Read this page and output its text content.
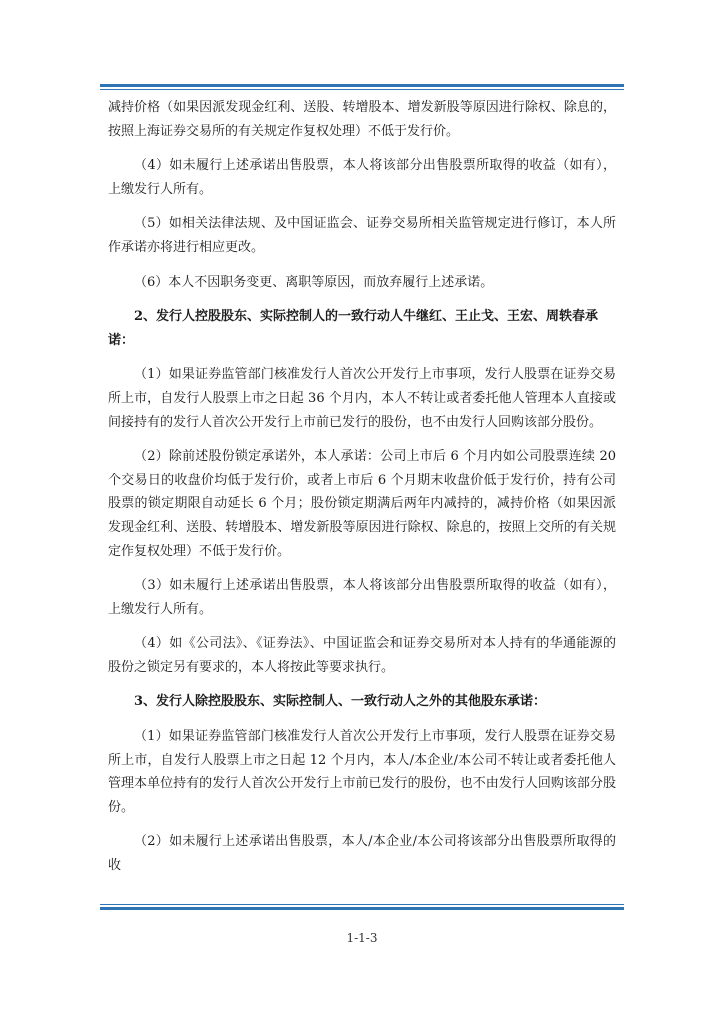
减持价格（如果因派发现金红利、送股、转增股本、增发新股等原因进行除权、除息的，按照上海证券交易所的有关规定作复权处理）不低于发行价。
（4）如未履行上述承诺出售股票，本人将该部分出售股票所取得的收益（如有），上缴发行人所有。
（5）如相关法律法规、及中国证监会、证券交易所相关监管规定进行修订，本人所作承诺亦将进行相应更改。
（6）本人不因职务变更、离职等原因，而放弃履行上述承诺。
2、发行人控股股东、实际控制人的一致行动人牛继红、王止戈、王宏、周轶春承诺：
（1）如果证券监管部门核准发行人首次公开发行上市事项，发行人股票在证券交易所上市，自发行人股票上市之日起 36 个月内，本人不转让或者委托他人管理本人直接或间接持有的发行人首次公开发行上市前已发行的股份，也不由发行人回购该部分股份。
（2）除前述股份锁定承诺外，本人承诺：公司上市后 6 个月内如公司股票连续 20 个交易日的收盘价均低于发行价，或者上市后 6 个月期末收盘价低于发行价，持有公司股票的锁定期限自动延长 6 个月；股份锁定期满后两年内减持的，减持价格（如果因派发现金红利、送股、转增股本、增发新股等原因进行除权、除息的，按照上交所的有关规定作复权处理）不低于发行价。
（3）如未履行上述承诺出售股票，本人将该部分出售股票所取得的收益（如有），上缴发行人所有。
（4）如《公司法》、《证券法》、中国证监会和证券交易所对本人持有的华通能源的股份之锁定另有要求的，本人将按此等要求执行。
3、发行人除控股股东、实际控制人、一致行动人之外的其他股东承诺：
（1）如果证券监管部门核准发行人首次公开发行上市事项，发行人股票在证券交易所上市，自发行人股票上市之日起 12 个月内，本人/本企业/本公司不转让或者委托他人管理本单位持有的发行人首次公开发行上市前已发行的股份，也不由发行人回购该部分股份。
（2）如未履行上述承诺出售股票，本人/本企业/本公司将该部分出售股票所取得的收
1-1-3
